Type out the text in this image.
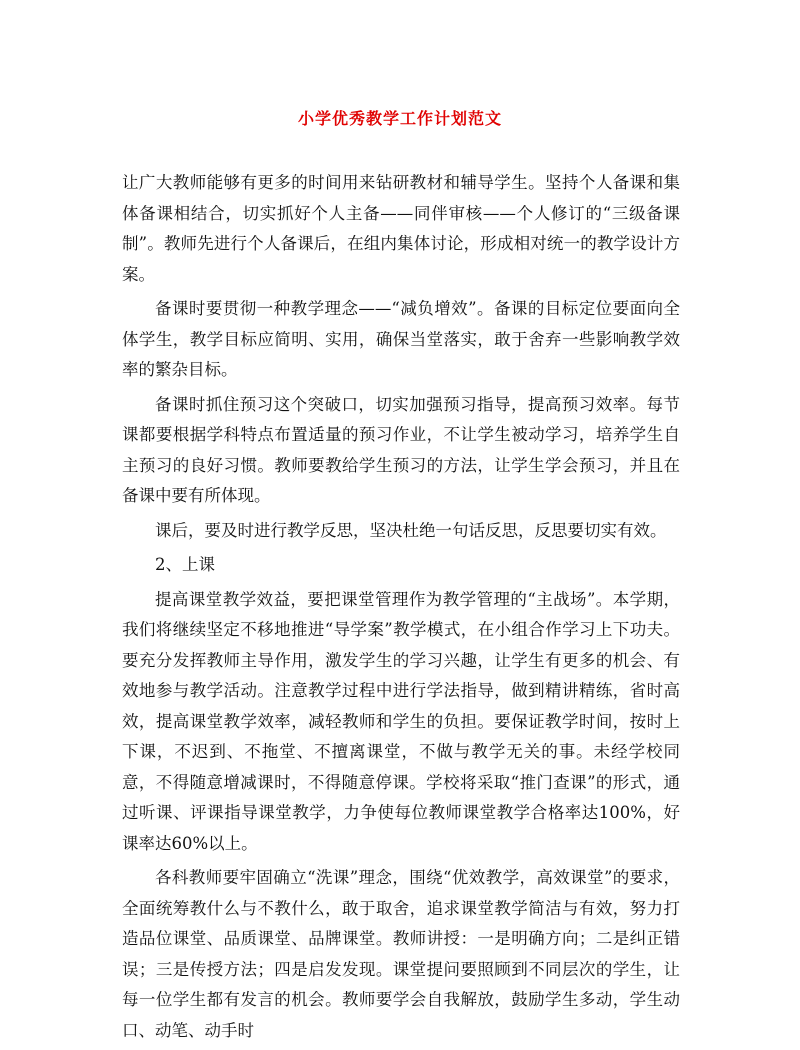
小学优秀教学工作计划范文

让广大教师能够有更多的时间用来钻研教材和辅导学生。坚持个人备课和集体备课相结合，切实抓好个人主备——同伴审核——个人修订的“三级备课制”。教师先进行个人备课后，在组内集体讨论，形成相对统一的教学设计方案。

备课时要贯彻一种教学理念——“减负增效”。备课的目标定位要面向全体学生，教学目标应简明、实用，确保当堂落实，敢于舍弃一些影响教学效率的繁杂目标。

备课时抓住预习这个突破口，切实加强预习指导，提高预习效率。每节课都要根据学科特点布置适量的预习作业，不让学生被动学习，培养学生自主预习的良好习惯。教师要教给学生预习的方法，让学生学会预习，并且在备课中要有所体现。

课后，要及时进行教学反思，坚决杜绝一句话反思，反思要切实有效。

2、上课

提高课堂教学效益，要把课堂管理作为教学管理的“主战场”。本学期，我们将继续坚定不移地推进“导学案”教学模式，在小组合作学习上下功夫。要充分发挥教师主导作用，激发学生的学习兴趣，让学生有更多的机会、有效地参与教学活动。注意教学过程中进行学法指导，做到精讲精练，省时高效，提高课堂教学效率，减轻教师和学生的负担。要保证教学时间，按时上下课，不迟到、不拖堂、不擅离课堂，不做与教学无关的事。未经学校同意，不得随意增减课时，不得随意停课。学校将采取“推门查课”的形式，通过听课、评课指导课堂教学，力争使每位教师课堂教学合格率达100%，好课率达60%以上。

各科教师要牢固确立“洗课”理念，围绕“优效教学，高效课堂”的要求，全面统筹教什么与不教什么，敢于取舍，追求课堂教学简洁与有效，努力打造品位课堂、品质课堂、品牌课堂。教师讲授：一是明确方向；二是纠正错误；三是传授方法；四是启发发现。课堂提问要照顾到不同层次的学生，让每一位学生都有发言的机会。教师要学会自我解放，鼓励学生多动，学生动口、动笔、动手时
